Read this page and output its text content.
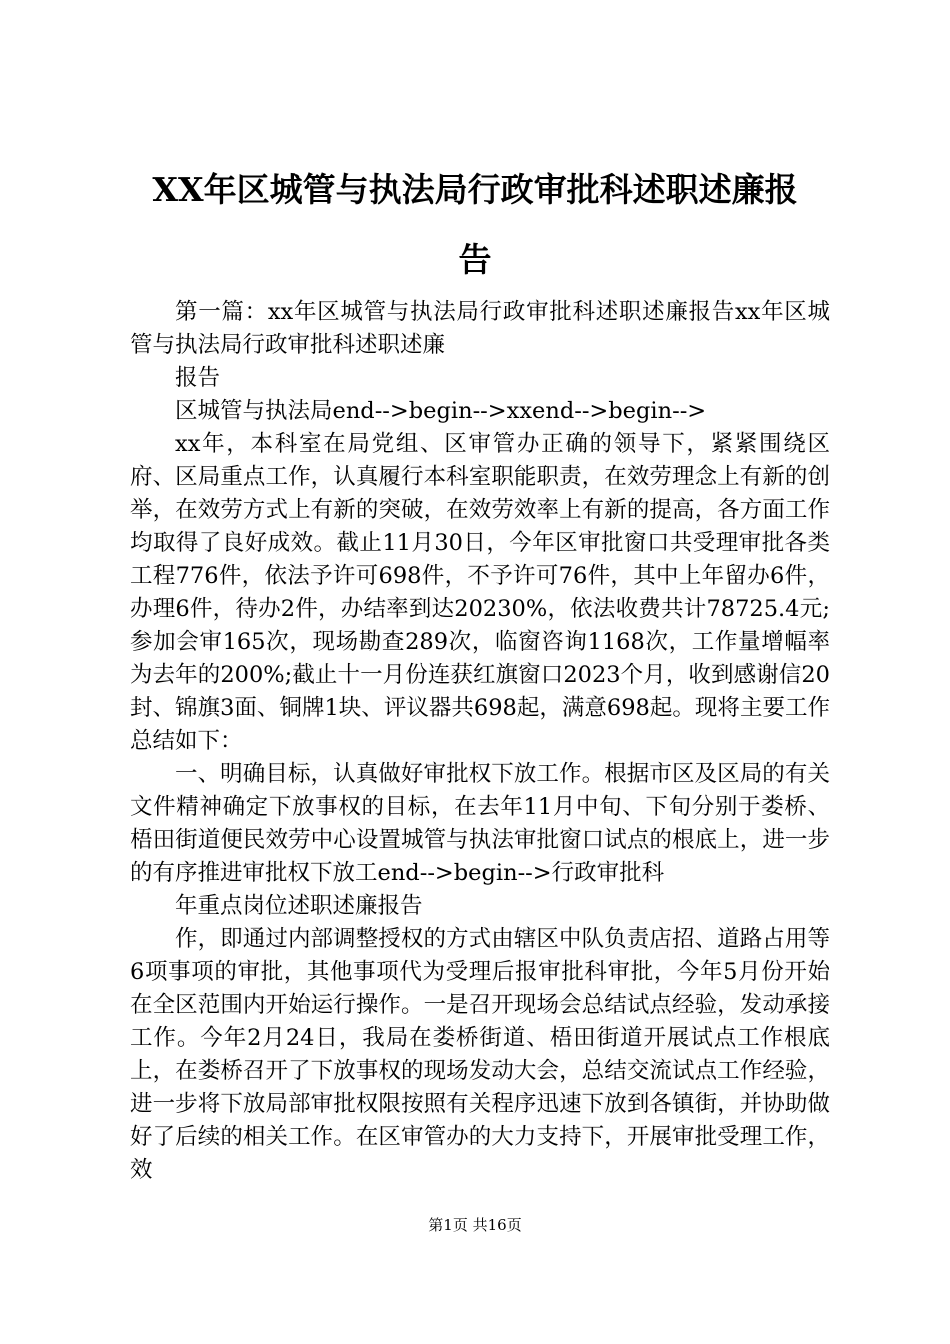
XX年区城管与执法局行政审批科述职述廉报
告

第一篇：xx年区城管与执法局行政审批科述职述廉报告xx年区城管与执法局行政审批科述职述廉

报告

区城管与执法局end-->begin-->xxend-->begin-->

xx年，本科室在局党组、区审管办正确的领导下，紧紧围绕区府、区局重点工作，认真履行本科室职能职责，在效劳理念上有新的创举，在效劳方式上有新的突破，在效劳效率上有新的提高，各方面工作均取得了良好成效。截止11月30日，今年区审批窗口共受理审批各类工程776件，依法予许可698件，不予许可76件，其中上年留办6件，办理6件，待办2件，办结率到达20230%，依法收费共计78725.4元;参加会审165次，现场勘查289次，临窗咨询1168次，工作量增幅率为去年的200%;截止十一月份连获红旗窗口2023个月，收到感谢信20封、锦旗3面、铜牌1块、评议器共698起，满意698起。现将主要工作总结如下：

一、明确目标，认真做好审批权下放工作。根据市区及区局的有关文件精神确定下放事权的目标，在去年11月中旬、下旬分别于娄桥、梧田街道便民效劳中心设置城管与执法审批窗口试点的根底上，进一步的有序推进审批权下放工end-->begin-->行政审批科

年重点岗位述职述廉报告

作，即通过内部调整授权的方式由辖区中队负责店招、道路占用等6项事项的审批，其他事项代为受理后报审批科审批，今年5月份开始在全区范围内开始运行操作。一是召开现场会总结试点经验，发动承接工作。今年2月24日，我局在娄桥街道、梧田街道开展试点工作根底上，在娄桥召开了下放事权的现场发动大会，总结交流试点工作经验，进一步将下放局部审批权限按照有关程序迅速下放到各镇街，并协助做好了后续的相关工作。在区审管办的大力支持下，开展审批受理工作，效

第1页 共16页
